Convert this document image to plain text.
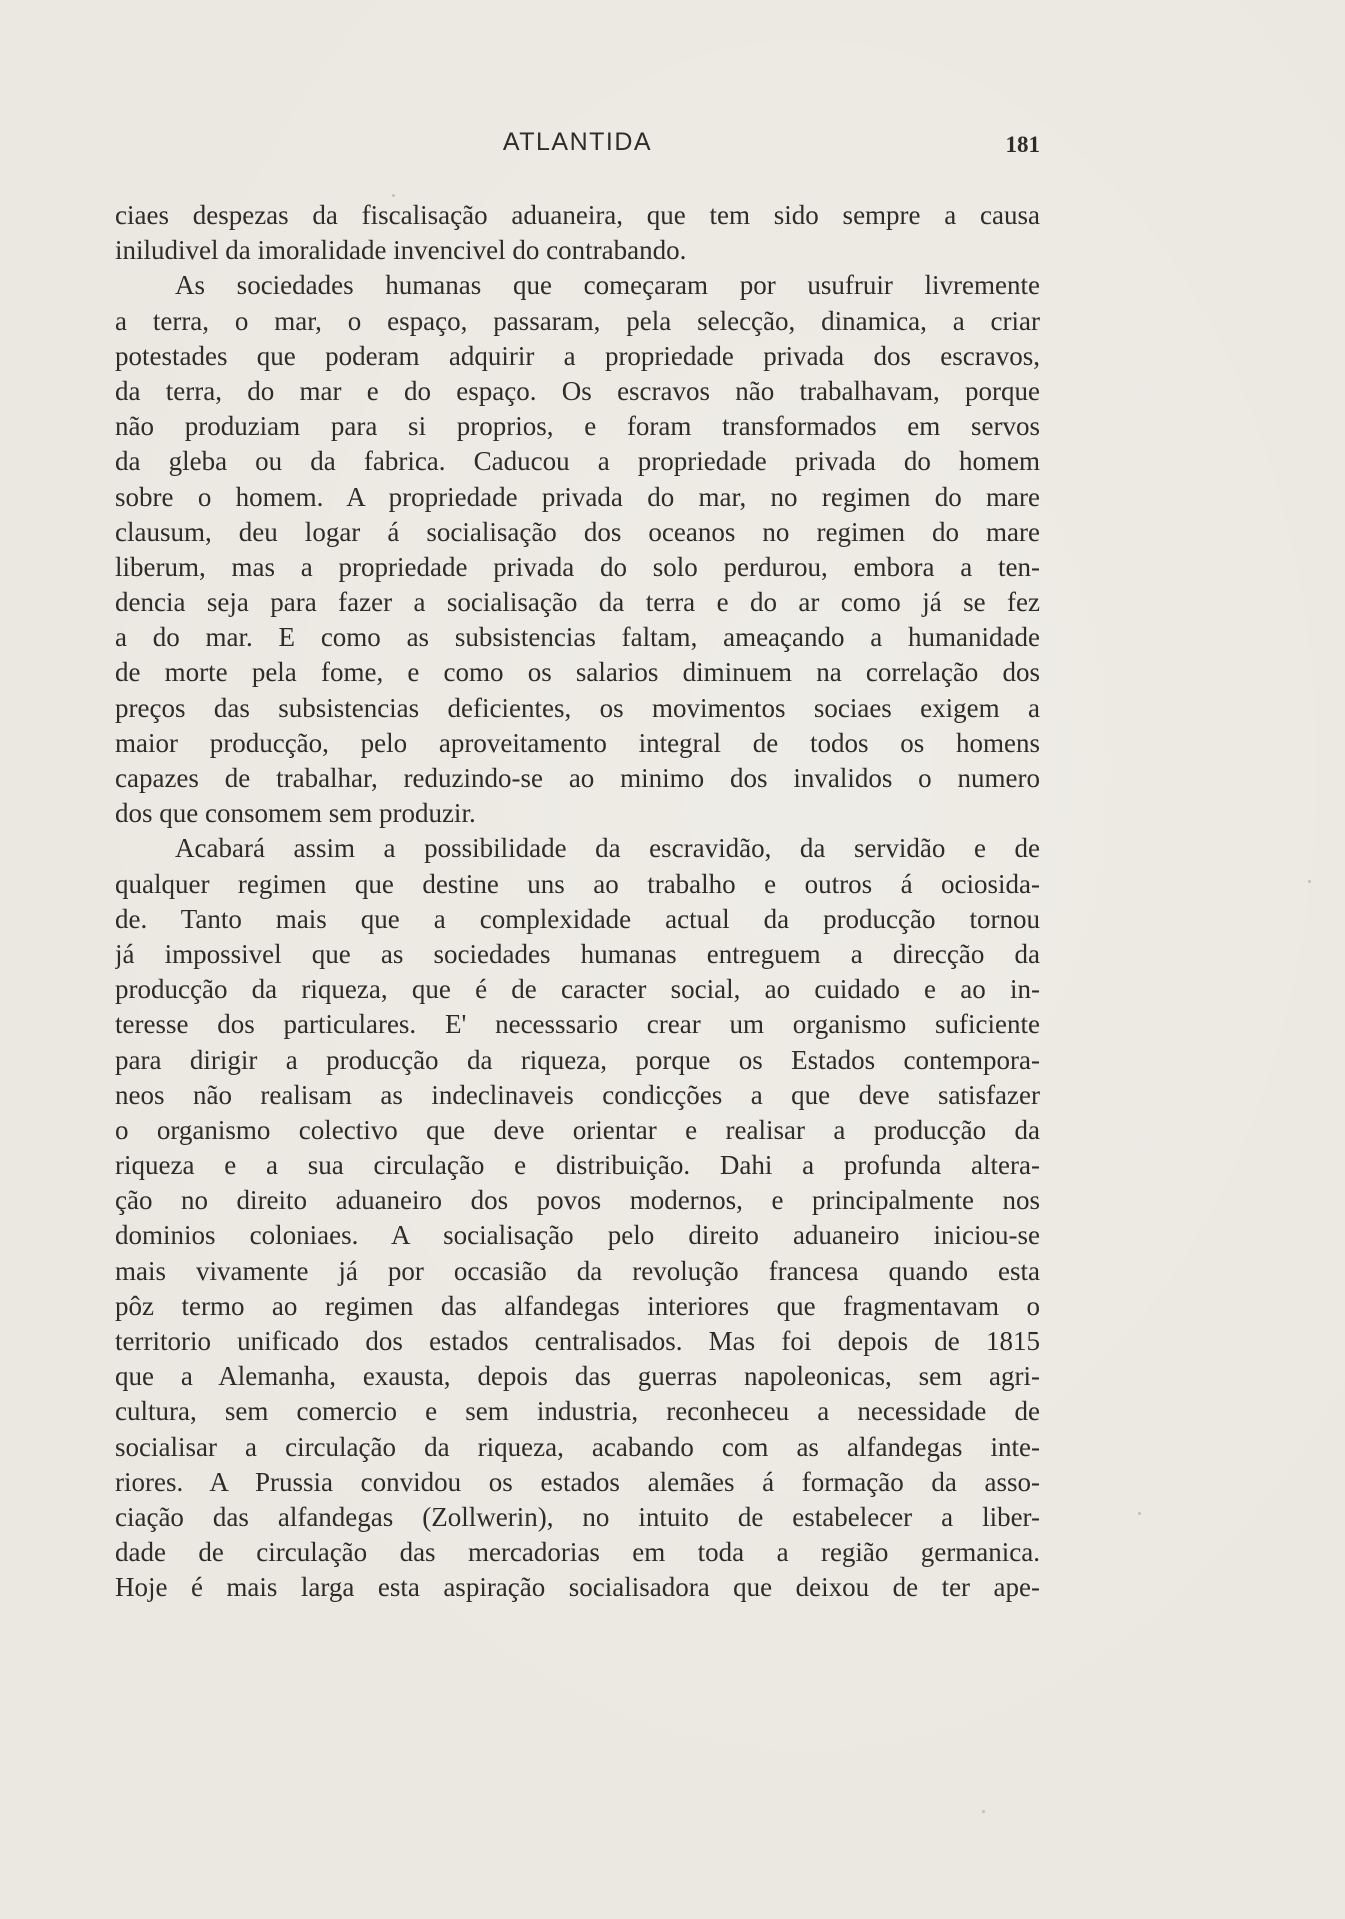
ATLANTIDA	181
ciaes despezas da fiscalisação aduaneira, que tem sido sempre a causa
iniludivel da imoralidade invencivel do contrabando.
As sociedades humanas que começaram por usufruir livremente
a terra, o mar, o espaço, passaram, pela selecção, dinamica, a criar
potestades que poderam adquirir a propriedade privada dos escravos,
da terra, do mar e do espaço. Os escravos não trabalhavam, porque
não produziam para si proprios, e foram transformados em servos
da gleba ou da fabrica. Caducou a propriedade privada do homem
sobre o homem. A propriedade privada do mar, no regimen do mare
clausum, deu logar á socialisação dos oceanos no regimen do mare
liberum, mas a propriedade privada do solo perdurou, embora a ten-
dencia seja para fazer a socialisação da terra e do ar como já se fez
a do mar. E como as subsistencias faltam, ameaçando a humanidade
de morte pela fome, e como os salarios diminuem na correlação dos
preços das subsistencias deficientes, os movimentos sociaes exigem a
maior producção, pelo aproveitamento integral de todos os homens
capazes de trabalhar, reduzindo-se ao minimo dos invalidos o numero
dos que consomem sem produzir.
Acabará assim a possibilidade da escravidão, da servidão e de
qualquer regimen que destine uns ao trabalho e outros á ociosida-
de. Tanto mais que a complexidade actual da producção tornou
já impossivel que as sociedades humanas entreguem a direcção da
producção da riqueza, que é de caracter social, ao cuidado e ao in-
teresse dos particulares. E' necesssario crear um organismo suficiente
para dirigir a producção da riqueza, porque os Estados contempora-
neos não realisam as indeclinaveis condicções a que deve satisfazer
o organismo colectivo que deve orientar e realisar a producção da
riqueza e a sua circulação e distribuição. Dahi a profunda altera-
ção no direito aduaneiro dos povos modernos, e principalmente nos
dominios coloniaes. A socialisação pelo direito aduaneiro iniciou-se
mais vivamente já por occasião da revolução francesa quando esta
pôz termo ao regimen das alfandegas interiores que fragmentavam o
territorio unificado dos estados centralisados. Mas foi depois de 1815
que a Alemanha, exausta, depois das guerras napoleonicas, sem agri-
cultura, sem comercio e sem industria, reconheceu a necessidade de
socialisar a circulação da riqueza, acabando com as alfandegas inte-
riores. A Prussia convidou os estados alemães á formação da asso-
ciação das alfandegas (Zollwerin), no intuito de estabelecer a liber-
dade de circulação das mercadorias em toda a região germanica.
Hoje é mais larga esta aspiração socialisadora que deixou de ter ape-
